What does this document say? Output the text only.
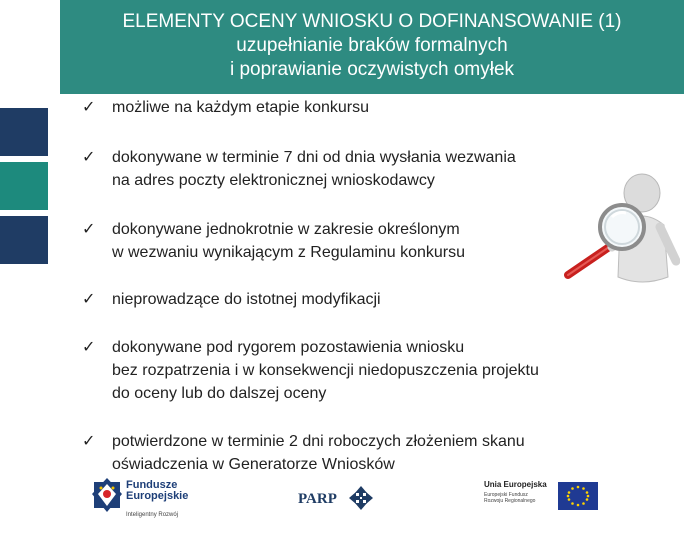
ELEMENTY OCENY WNIOSKU O DOFINANSOWANIE (1)
uzupełnianie braków formalnych
i poprawianie oczywistych omyłek
✓	możliwe na każdym etapie konkursu
✓	dokonywane w terminie 7 dni od dnia wysłania wezwania
na adres poczty elektronicznej wnioskodawcy
✓	dokonywane jednokrotnie w zakresie określonym
w wezwaniu wynikającym z Regulaminu konkursu
✓	nieprowadzące do istotnej modyfikacji
✓	dokonywane pod rygorem pozostawienia wniosku
bez rozpatrzenia i w konsekwencji niedopuszczenia projektu
do oceny lub do dalszej oceny
✓	potwierdzone w terminie 2 dni roboczych złożeniem skanu
oświadczenia w Generatorze Wniosków
Fundusze
Europejskie
Inteligentny Rozwój
PARP
Unia Europejska
Europejski Fundusz
Rozwoju Regionalnego
